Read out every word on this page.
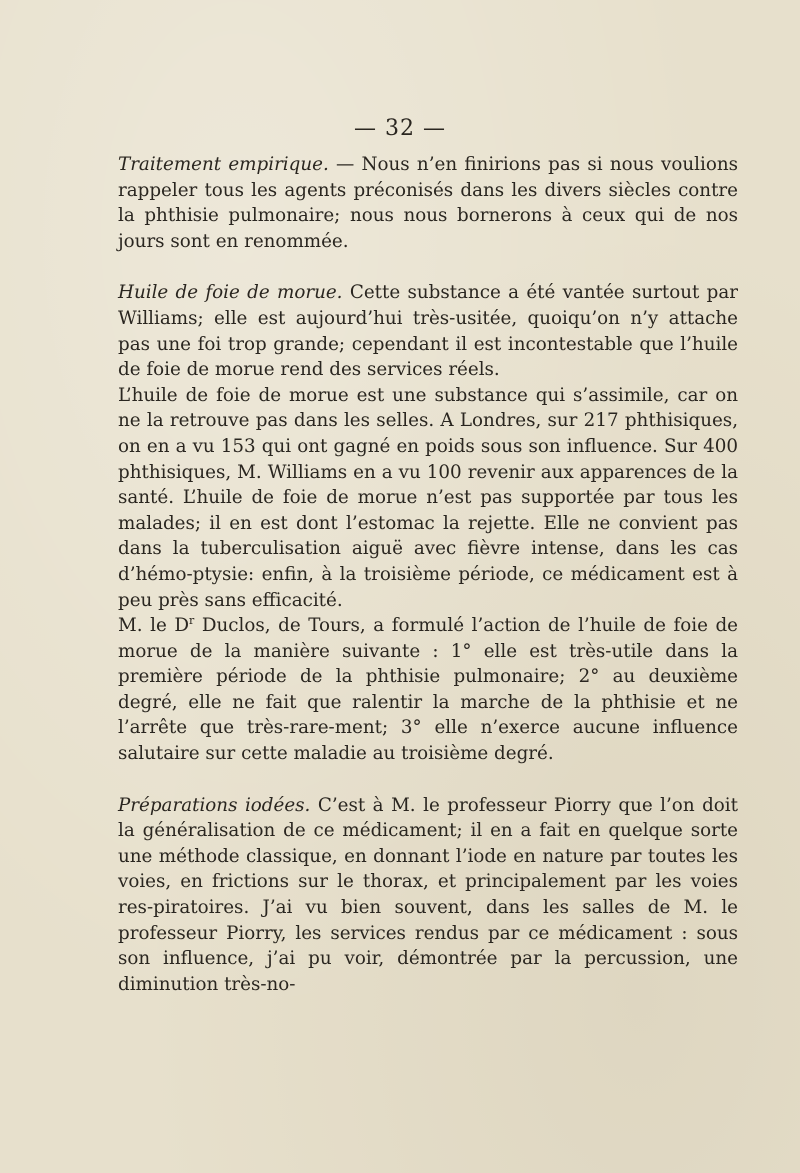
— 32 —

Traitement empirique. — Nous n’en finirions pas si nous voulions rappeler tous les agents préconisés dans les divers siècles contre la phthisie pulmonaire; nous nous bornerons à ceux qui de nos jours sont en renommée.

Huile de foie de morue. Cette substance a été vantée surtout par Williams; elle est aujourd’hui très-usitée, quoiqu’on n’y attache pas une foi trop grande; cependant il est incontestable que l’huile de foie de morue rend des services réels.

L’huile de foie de morue est une substance qui s’assimile, car on ne la retrouve pas dans les selles. A Londres, sur 217 phthisiques, on en a vu 153 qui ont gagné en poids sous son influence. Sur 400 phthisiques, M. Williams en a vu 100 revenir aux apparences de la santé. L’huile de foie de morue n’est pas supportée par tous les malades; il en est dont l’estomac la rejette. Elle ne convient pas dans la tuberculisation aiguë avec fièvre intense, dans les cas d’hémo-ptysie: enfin, à la troisième période, ce médicament est à peu près sans efficacité.

M. le $D^r$ Duclos, de Tours, a formulé l’action de l’huile de foie de morue de la manière suivante : 1° elle est très-utile dans la première période de la phthisie pulmonaire; 2° au deuxième degré, elle ne fait que ralentir la marche de la phthisie et ne l’arrête que très-rare-ment; 3° elle n’exerce aucune influence salutaire sur cette maladie au troisième degré.

Préparations iodées. C’est à M. le professeur Piorry que l’on doit la généralisation de ce médicament; il en a fait en quelque sorte une méthode classique, en donnant l’iode en nature par toutes les voies, en frictions sur le thorax, et principalement par les voies res-piratoires. J’ai vu bien souvent, dans les salles de M. le professeur Piorry, les services rendus par ce médicament : sous son influence, j’ai pu voir, démontrée par la percussion, une diminution très-no-
